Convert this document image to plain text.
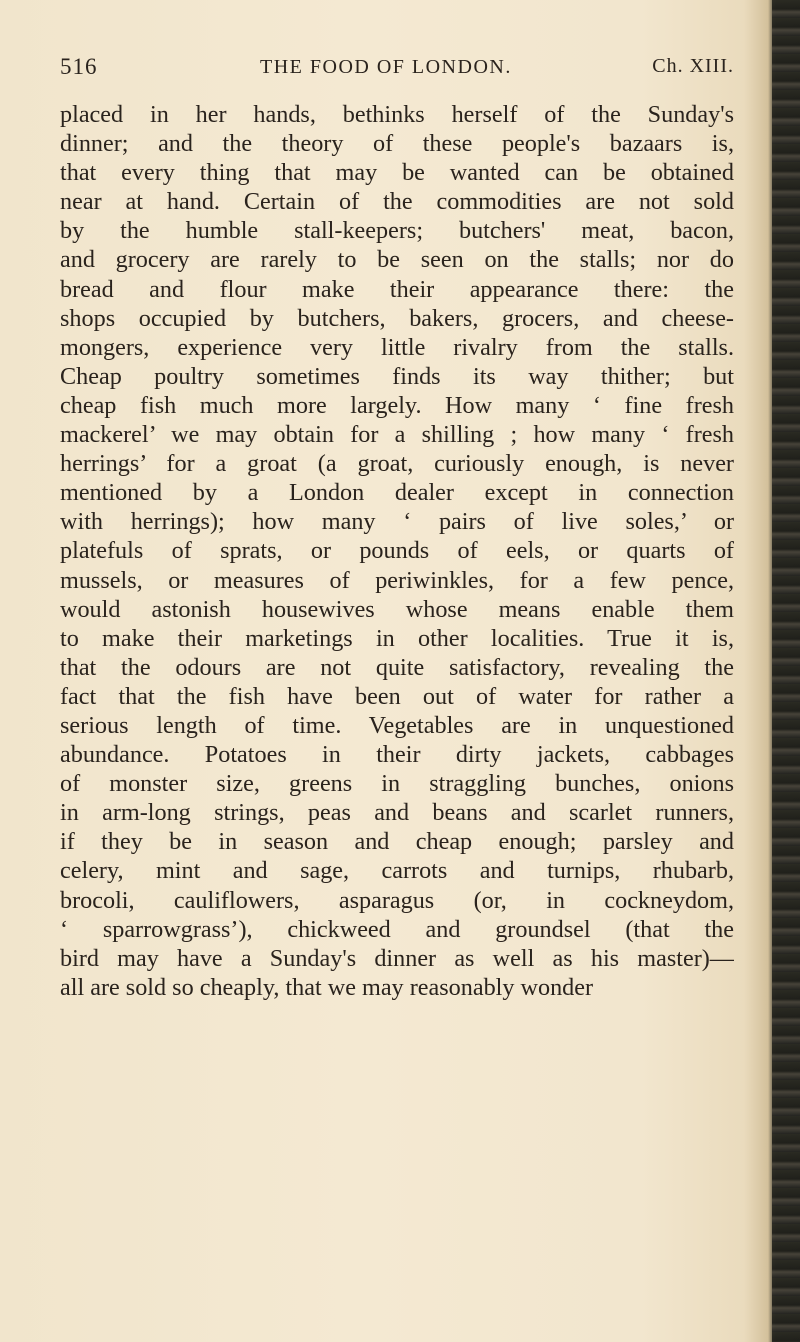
516	THE FOOD OF LONDON.	Ch. XIII.
placed in her hands, bethinks herself of the Sunday's
dinner; and the theory of these people's bazaars is,
that every thing that may be wanted can be obtained
near at hand. Certain of the commodities are not sold
by the humble stall-keepers; butchers' meat, bacon,
and grocery are rarely to be seen on the stalls; nor do
bread and flour make their appearance there: the
shops occupied by butchers, bakers, grocers, and cheese-
mongers, experience very little rivalry from the stalls.
Cheap poultry sometimes finds its way thither; but
cheap fish much more largely. How many ‘ fine fresh
mackerel’ we may obtain for a shilling ; how many ‘ fresh
herrings’ for a groat (a groat, curiously enough, is never
mentioned by a London dealer except in connection
with herrings); how many ‘ pairs of live soles,’ or
platefuls of sprats, or pounds of eels, or quarts of
mussels, or measures of periwinkles, for a few pence,
would astonish housewives whose means enable them
to make their marketings in other localities. True it is,
that the odours are not quite satisfactory, revealing the
fact that the fish have been out of water for rather a
serious length of time. Vegetables are in unquestioned
abundance. Potatoes in their dirty jackets, cabbages
of monster size, greens in straggling bunches, onions
in arm-long strings, peas and beans and scarlet runners,
if they be in season and cheap enough; parsley and
celery, mint and sage, carrots and turnips, rhubarb,
brocoli, cauliflowers, asparagus (or, in cockneydom,
‘ sparrowgrass’), chickweed and groundsel (that the
bird may have a Sunday's dinner as well as his master)—
all are sold so cheaply, that we may reasonably wonder
